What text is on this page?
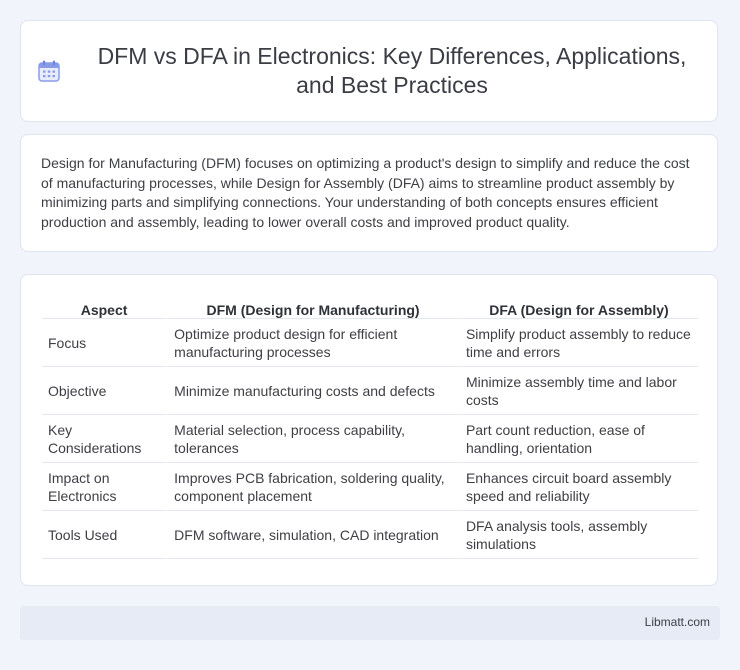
DFM vs DFA in Electronics: Key Differences, Applications, and Best Practices

Design for Manufacturing (DFM) focuses on optimizing a product's design to simplify and reduce the cost of manufacturing processes, while Design for Assembly (DFA) aims to streamline product assembly by minimizing parts and simplifying connections. Your understanding of both concepts ensures efficient production and assembly, leading to lower overall costs and improved product quality.

Aspect	DFM (Design for Manufacturing)	DFA (Design for Assembly)
Focus	Optimize product design for efficient manufacturing processes	Simplify product assembly to reduce time and errors
Objective	Minimize manufacturing costs and defects	Minimize assembly time and labor costs
Key Considerations	Material selection, process capability, tolerances	Part count reduction, ease of handling, orientation
Impact on Electronics	Improves PCB fabrication, soldering quality, component placement	Enhances circuit board assembly speed and reliability
Tools Used	DFM software, simulation, CAD integration	DFA analysis tools, assembly simulations
Libmatt.com
